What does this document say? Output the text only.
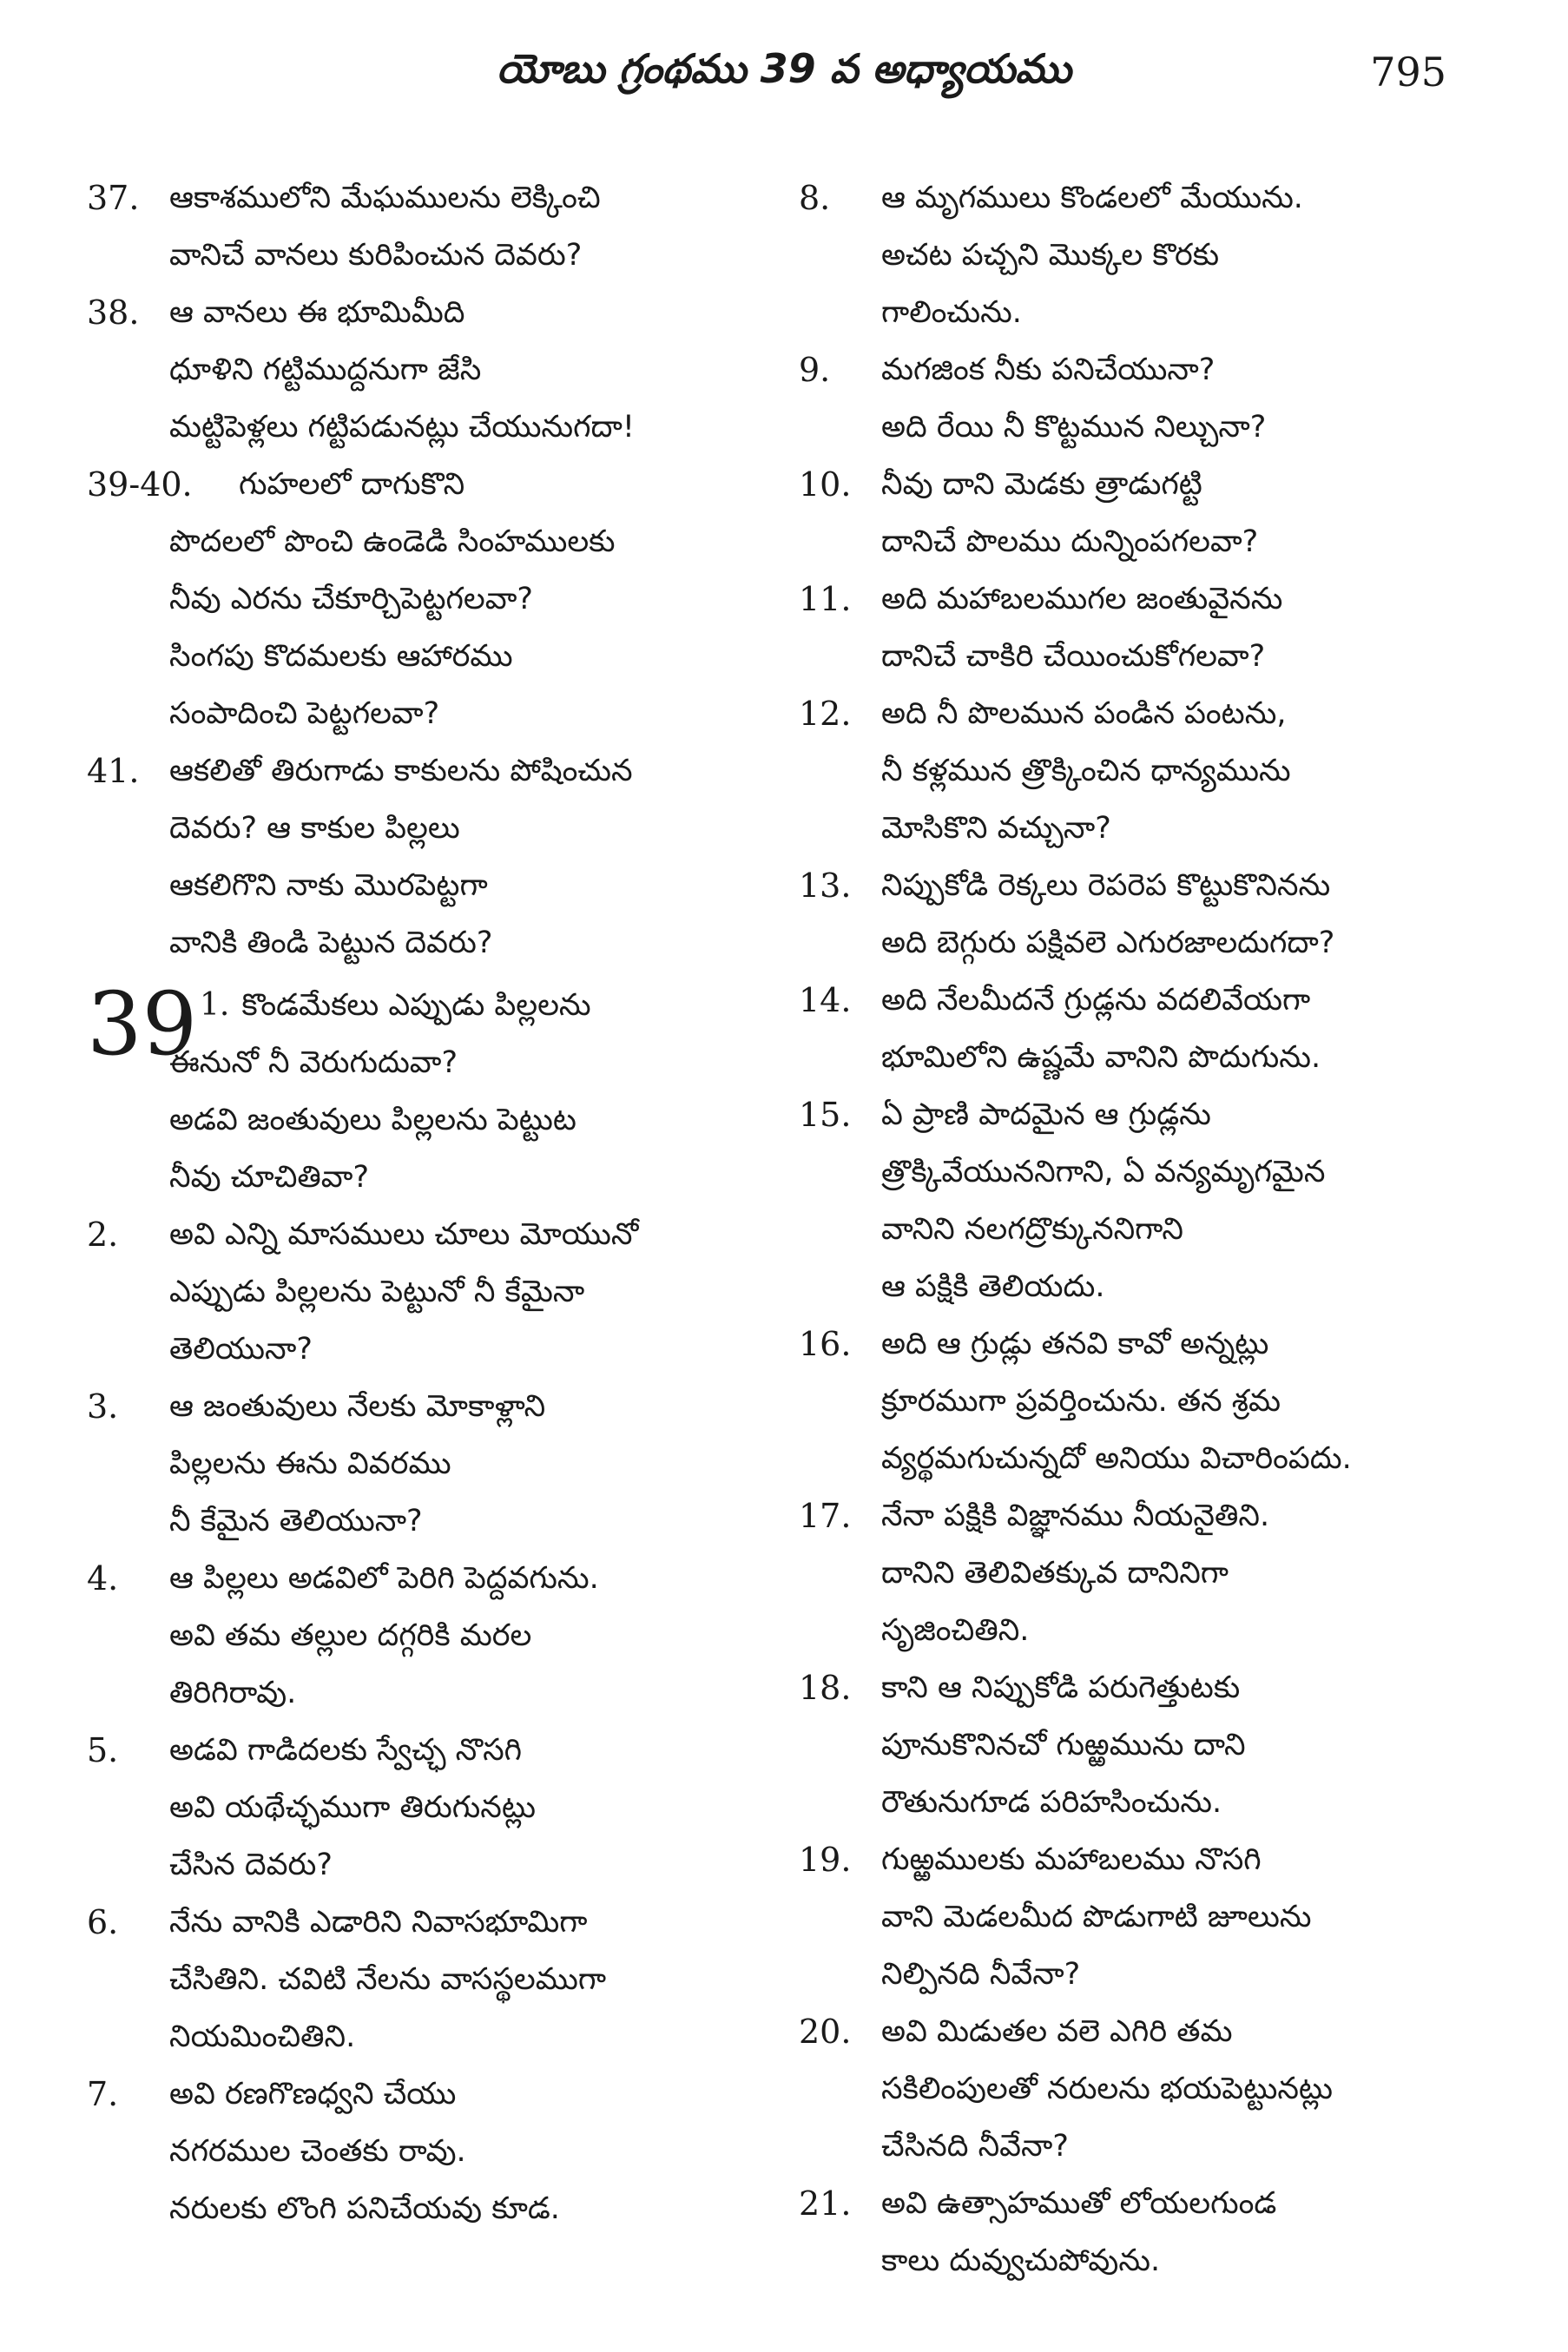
యోబు గ్రంథము 39 వ అధ్యాయము	795
37. ఆకాశములోని మేఘములను లెక్కించి
వానిచే వానలు కురిపించున దెవరు?
38. ఆ వానలు ఈ భూమిమీది
ధూళిని గట్టిముద్దనుగా జేసి
మట్టిపెళ్లలు గట్టిపడునట్లు చేయునుగదా!
39-40.	గుహలలో దాగుకొని
పొదలలో పొంచి ఉండెడి సింహములకు
నీవు ఎరను చేకూర్చిపెట్టగలవా?
సింగపు కొదమలకు ఆహారము
సంపాదించి పెట్టగలవా?
41. ఆకలితో తిరుగాడు కాకులను పోషించున
దెవరు? ఆ కాకుల పిల్లలు
ఆకలిగొని నాకు మొరపెట్టగా
వానికి తిండి పెట్టున దెవరు?
39 1. కొండమేకలు ఎప్పుడు పిల్లలను
ఈనునో నీ వెరుగుదువా?
అడవి జంతువులు పిల్లలను పెట్టుట
నీవు చూచితివా?
2. అవి ఎన్ని మాసములు చూలు మోయునో
ఎప్పుడు పిల్లలను పెట్టునో నీ కేమైనా
తెలియునా?
3. ఆ జంతువులు నేలకు మోకాళ్లాని
పిల్లలను ఈను వివరము
నీ కేమైన తెలియునా?
4. ఆ పిల్లలు అడవిలో పెరిగి పెద్దవగును.
అవి తమ తల్లుల దగ్గరికి మరల
తిరిగిరావు.
5. అడవి గాడిదలకు స్వేచ్ఛ నొసగి
అవి యథేచ్ఛముగా తిరుగునట్లు
చేసిన దెవరు?
6. నేను వానికి ఎడారిని నివాసభూమిగా
చేసితిని. చవిటి నేలను వాసస్థలముగా
నియమించితిని.
7. అవి రణగొణధ్వని చేయు
నగరముల చెంతకు రావు.
నరులకు లొంగి పనిచేయవు కూడ.
8. ఆ మృగములు కొండలలో మేయును.
అచట పచ్చని మొక్కల కొరకు
గాలించును.
9. మగజింక నీకు పనిచేయునా?
అది రేయి నీ కొట్టమున నిల్చునా?
10. నీవు దాని మెడకు త్రాడుగట్టి
దానిచే పొలము దున్నింపగలవా?
11. అది మహాబలముగల జంతువైనను
దానిచే చాకిరి చేయించుకోగలవా?
12. అది నీ పొలమున పండిన పంటను,
నీ కళ్లమున త్రొక్కించిన ధాన్యమును
మోసికొని వచ్చునా?
13. నిప్పుకోడి రెక్కలు రెపరెప కొట్టుకొనినను
అది బెగ్గురు పక్షివలె ఎగురజాలదుగదా?
14. అది నేలమీదనే గ్రుడ్లను వదలివేయగా
భూమిలోని ఉష్ణమే వానిని పొదుగును.
15. ఏ ప్రాణి పాదమైన ఆ గ్రుడ్లను
త్రొక్కివేయుననిగాని, ఏ వన్యమృగమైన
వానిని నలగద్రొక్కుననిగాని
ఆ పక్షికి తెలియదు.
16. అది ఆ గ్రుడ్లు తనవి కావో అన్నట్లు
క్రూరముగా ప్రవర్తించును. తన శ్రమ
వ్యర్థమగుచున్నదో అనియు విచారింపదు.
17. నేనా పక్షికి విజ్ఞానము నీయనైతిని.
దానిని తెలివితక్కువ దానినిగా
సృజించితిని.
18. కాని ఆ నిప్పుకోడి పరుగెత్తుటకు
పూనుకొనినచో గుఱ్ఱమును దాని
రౌతునుగూడ పరిహసించును.
19. గుఱ్ఱములకు మహాబలము నొసగి
వాని మెడలమీద పొడుగాటి జూలును
నిల్పినది నీవేనా?
20. అవి మిడుతల వలె ఎగిరి తమ
సకిలింపులతో నరులను భయపెట్టునట్లు
చేసినది నీవేనా?
21. అవి ఉత్సాహముతో లోయలగుండ
కాలు దువ్వుచుపోవును.
